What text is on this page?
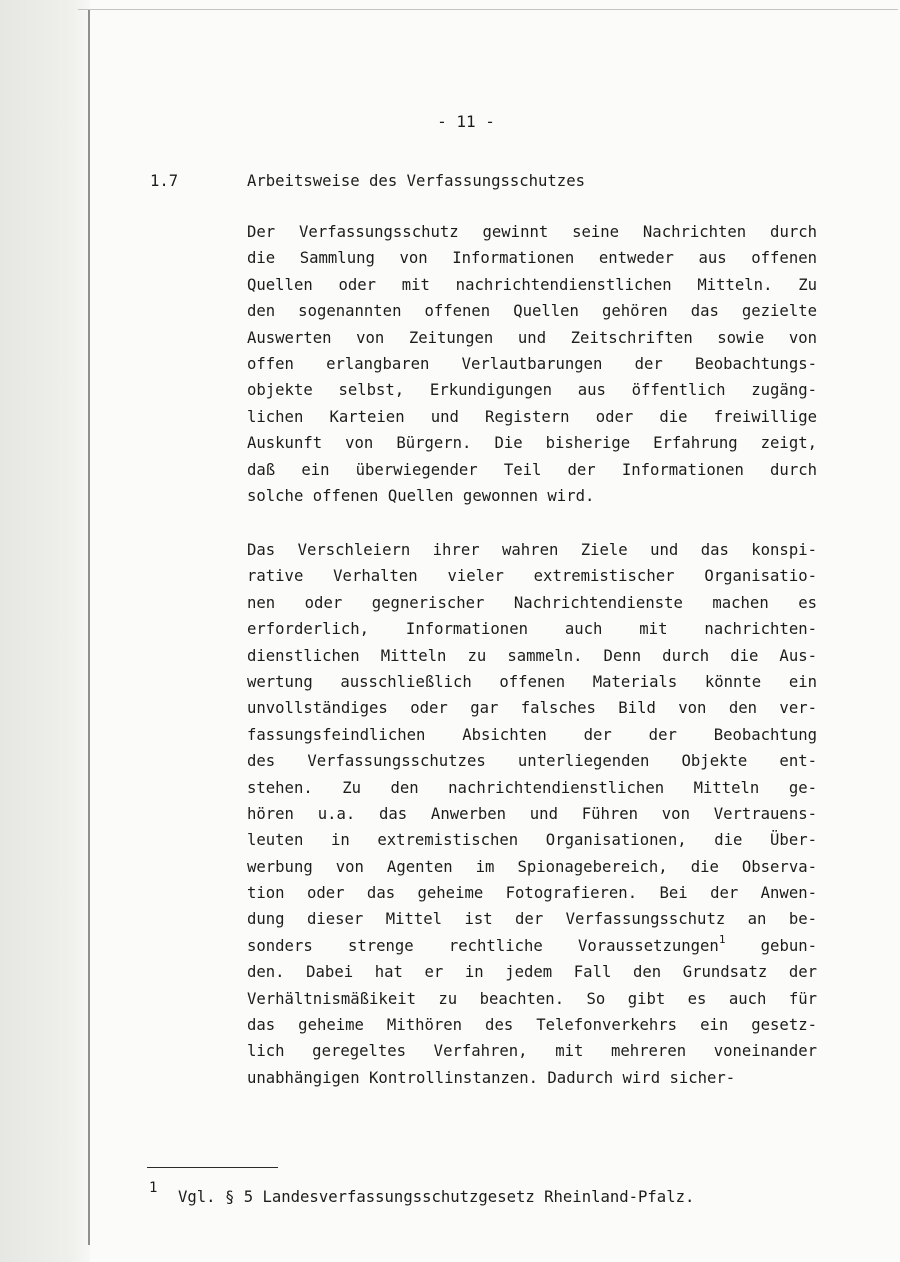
- 11 -
1.7	Arbeitsweise des Verfassungsschutzes
Der Verfassungsschutz gewinnt seine Nachrichten durch
die Sammlung von Informationen entweder aus offenen
Quellen oder mit nachrichtendienstlichen Mitteln. Zu
den sogenannten offenen Quellen gehören das gezielte
Auswerten von Zeitungen und Zeitschriften sowie von
offen erlangbaren Verlautbarungen der Beobachtungs-
objekte selbst, Erkundigungen aus öffentlich zugäng-
lichen Karteien und Registern oder die freiwillige
Auskunft von Bürgern. Die bisherige Erfahrung zeigt,
daß ein überwiegender Teil der Informationen durch
solche offenen Quellen gewonnen wird.
Das Verschleiern ihrer wahren Ziele und das konspi-
rative Verhalten vieler extremistischer Organisatio-
nen oder gegnerischer Nachrichtendienste machen es
erforderlich, Informationen auch mit nachrichten-
dienstlichen Mitteln zu sammeln. Denn durch die Aus-
wertung ausschließlich offenen Materials könnte ein
unvollständiges oder gar falsches Bild von den ver-
fassungsfeindlichen Absichten der der Beobachtung
des Verfassungsschutzes unterliegenden Objekte ent-
stehen. Zu den nachrichtendienstlichen Mitteln ge-
hören u.a. das Anwerben und Führen von Vertrauens-
leuten in extremistischen Organisationen, die Über-
werbung von Agenten im Spionagebereich, die Observa-
tion oder das geheime Fotografieren. Bei der Anwen-
dung dieser Mittel ist der Verfassungsschutz an be-
sonders strenge rechtliche Voraussetzungen$^1$ gebun-
den. Dabei hat er in jedem Fall den Grundsatz der
Verhältnismäßikeit zu beachten. So gibt es auch für
das geheime Mithören des Telefonverkehrs ein gesetz-
lich geregeltes Verfahren, mit mehreren voneinander
unabhängigen Kontrollinstanzen. Dadurch wird sicher-
1 Vgl. § 5 Landesverfassungsschutzgesetz Rheinland-Pfalz.
